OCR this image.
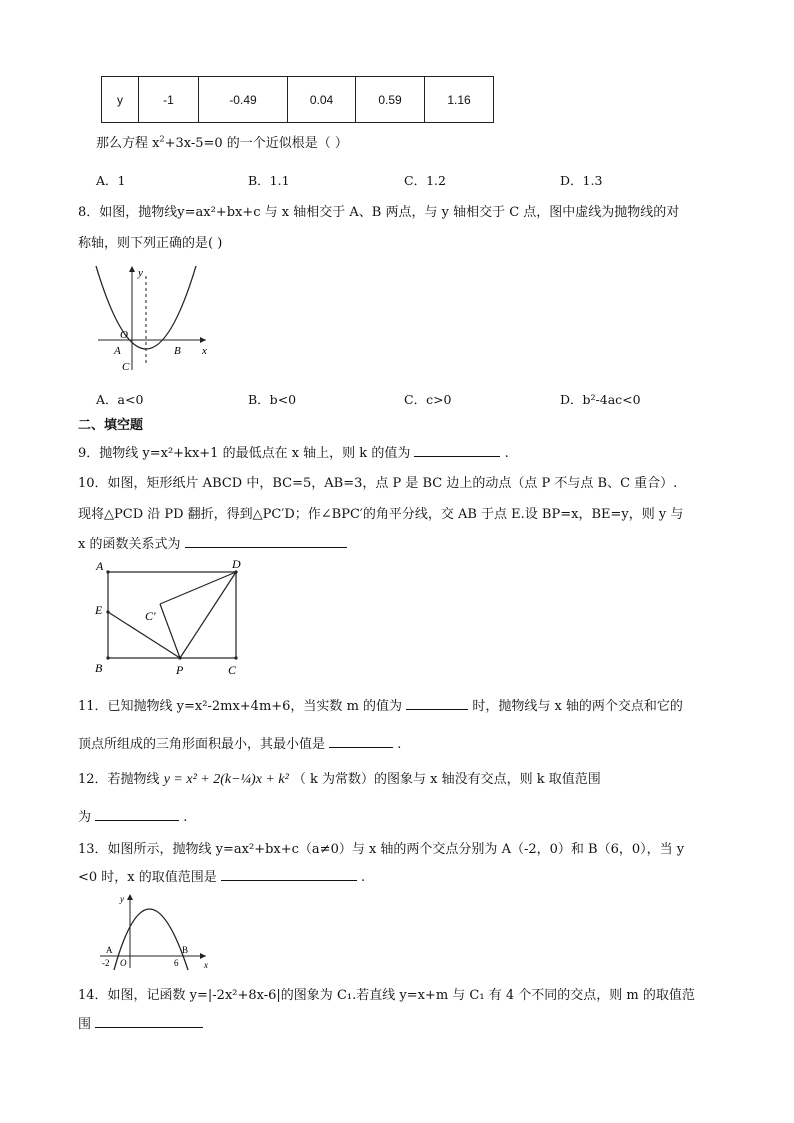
y	-1	-0.49	0.04	0.59	1.16
那么方程 $x^2+3x-5=0$ 的一个近似根是（ ）
A．1	B．1.1	C．1.2	D．1.3
8．如图，抛物线y=ax²+bx+c 与 x 轴相交于 A、B 两点，与 y 轴相交于 C 点，图中虚线为抛物线的对
称轴，则下列正确的是( )
y
x
O
A	B
C
A．a<0	B．b<0	C．c>0	D．b²-4ac<0
二、填空题
9．抛物线 y=x²+kx+1 的最低点在 x 轴上，则 k 的值为	.
10．如图，矩形纸片 ABCD 中，BC=5，AB=3，点 P 是 BC 边上的动点（点 P 不与点 B、C 重合）.
现将△PCD 沿 PD 翻折，得到△PC′D；作∠BPC′的角平分线，交 AB 于点 E.设 BP=x，BE=y，则 y 与
x 的函数关系式为
A	D
E	C′
B	P	C
11．已知抛物线 y=x²-2mx+4m+6，当实数 m 的值为	时，抛物线与 x 轴的两个交点和它的
顶点所组成的三角形面积最小，其最小值是	.
12．若抛物线 y = x² + 2(k−¼)x + k² （ k 为常数）的图象与 x 轴没有交点，则 k 取值范围
为	.
13．如图所示，抛物线 y=ax²+bx+c（a≠0）与 x 轴的两个交点分别为 A（-2，0）和 B（6，0），当 y
<0 时，x 的取值范围是	.
y
x
A	B
-2 O	6
14．如图，记函数 y=|-2x²+8x-6|的图象为 C₁.若直线 y=x+m 与 C₁ 有 4 个不同的交点，则 m 的取值范
围
